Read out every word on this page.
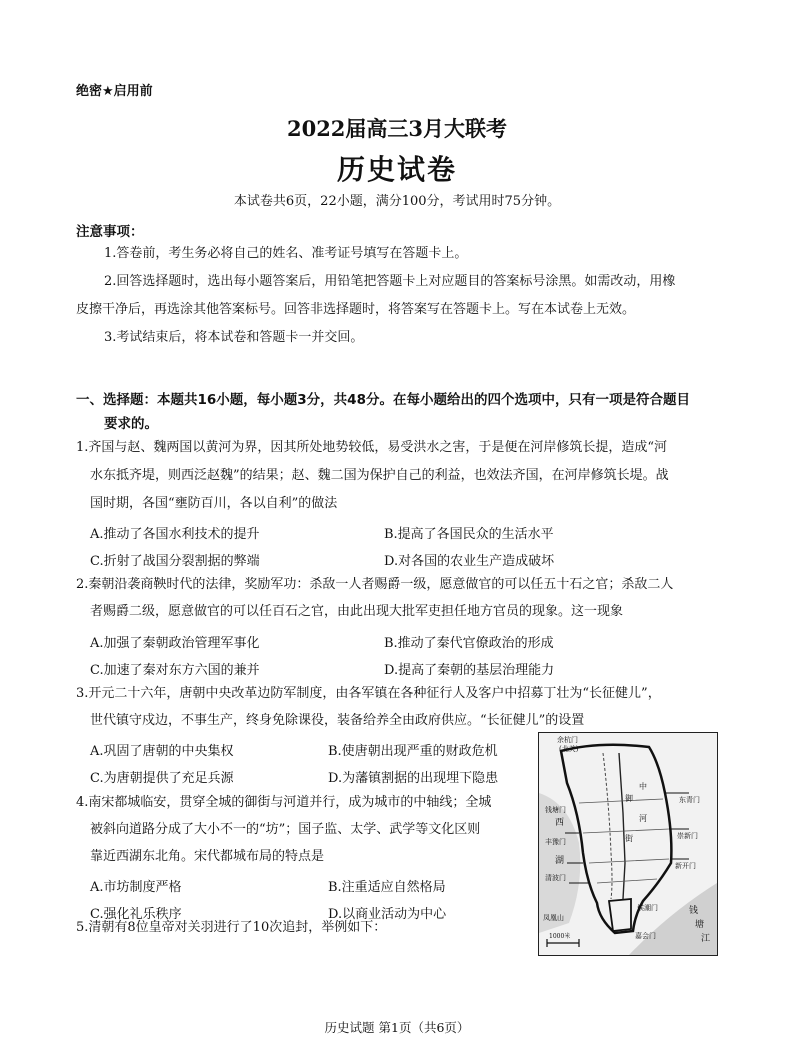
绝密★启用前
2022届高三3月大联考
历史试卷
本试卷共6页，22小题，满分100分，考试用时75分钟。
注意事项：
1.答卷前，考生务必将自己的姓名、准考证号填写在答题卡上。
2.回答选择题时，选出每小题答案后，用铅笔把答题卡上对应题目的答案标号涂黑。如需改动，用橡
皮擦干净后，再选涂其他答案标号。回答非选择题时，将答案写在答题卡上。写在本试卷上无效。
3.考试结束后，将本试卷和答题卡一并交回。
一、选择题：本题共16小题，每小题3分，共48分。在每小题给出的四个选项中，只有一项是符合题目
要求的。
1.齐国与赵、魏两国以黄河为界，因其所处地势较低，易受洪水之害，于是便在河岸修筑长提，造成“河
水东抵齐堤，则西泛赵魏”的结果；赵、魏二国为保护自己的利益，也效法齐国，在河岸修筑长堤。战
国时期，各国“壅防百川，各以自利”的做法
A.推动了各国水利技术的提升	B.提高了各国民众的生活水平
C.折射了战国分裂割据的弊端	D.对各国的农业生产造成破坏
2.秦朝沿袭商鞅时代的法律，奖励军功：杀敌一人者赐爵一级，愿意做官的可以任五十石之官；杀敌二人
者赐爵二级，愿意做官的可以任百石之官，由此出现大批军吏担任地方官员的现象。这一现象
A.加强了秦朝政治管理军事化	B.推动了秦代官僚政治的形成
C.加速了秦对东方六国的兼并	D.提高了秦朝的基层治理能力
3.开元二十六年，唐朝中央改革边防军制度，由各军镇在各种征行人及客户中招募丁壮为“长征健儿”，
世代镇守戍边，不事生产，终身免除课役，装备给养全由政府供应。“长征健儿”的设置
A.巩固了唐朝的中央集权	B.使唐朝出现严重的财政危机
C.为唐朝提供了充足兵源	D.为藩镇割据的出现埋下隐患
4.南宋都城临安，贯穿全城的御街与河道并行，成为城市的中轴线；全城
被斜向道路分成了大小不一的“坊”；国子监、太学、武学等文化区则
靠近西湖东北角。宋代都城布局的特点是
A.市坊制度严格	B.注重适应自然格局
C.强化礼乐秩序	D.以商业活动为中心
5.清朝有8位皇帝对关羽进行了10次追封，举例如下：
余杭门
(北关)
钱塘门
丰豫门
清波门
凤凰山
候潮门
嘉会门
东青门
崇新门
新开门
西
湖
御
街
中
河
钱
塘
江
1000米
历史试题 第1页（共6页）
